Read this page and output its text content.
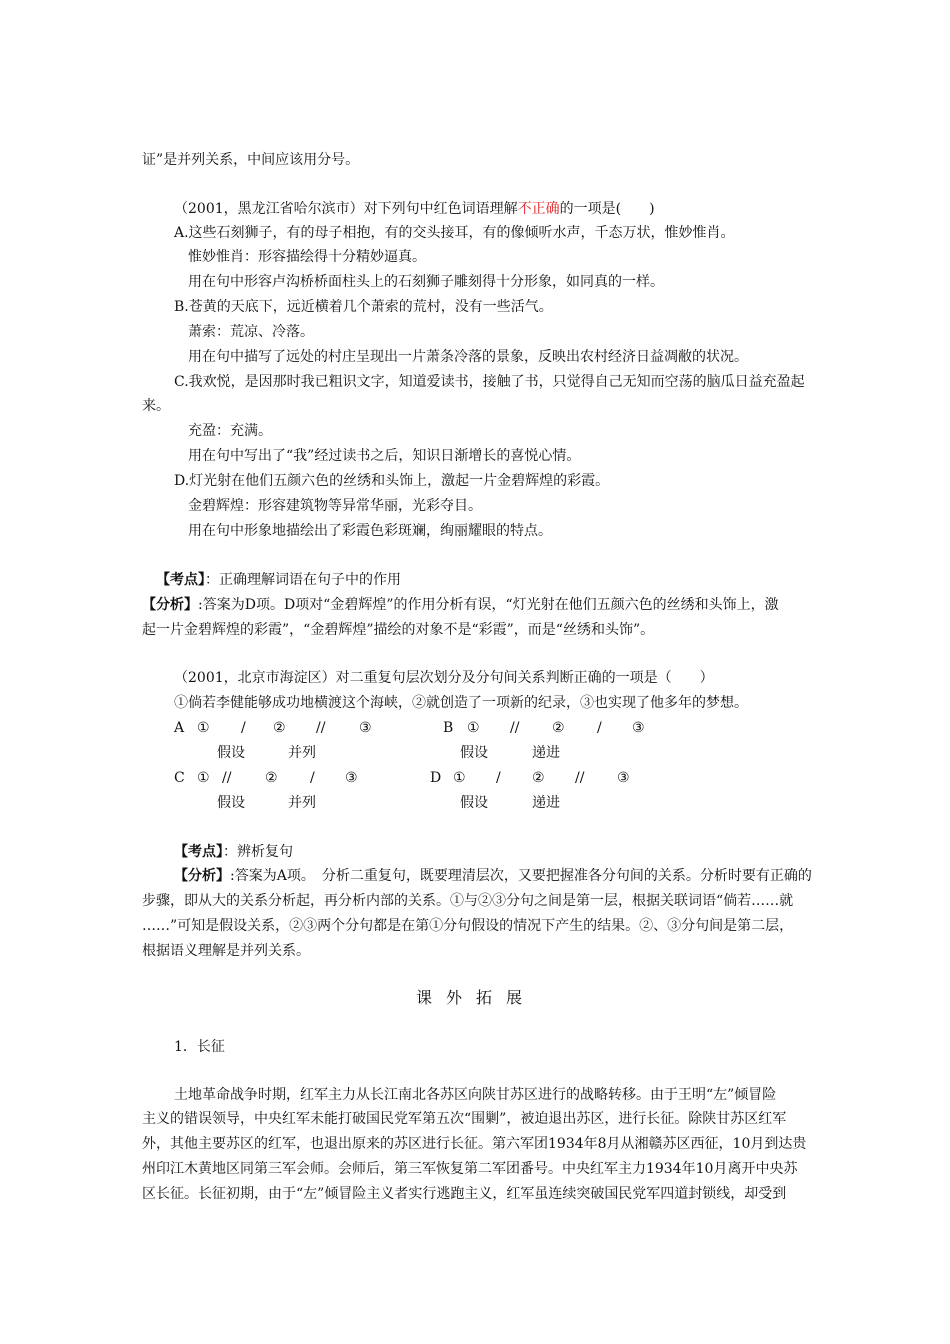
证”是并列关系，中间应该用分号。
（2001，黑龙江省哈尔滨市）对下列句中红色词语理解不正确的一项是(　　)
A.这些石刻狮子，有的母子相抱，有的交头接耳，有的像倾听水声，千态万状，惟妙惟肖。
惟妙惟肖：形容描绘得十分精妙逼真。
用在句中形容卢沟桥桥面柱头上的石刻狮子雕刻得十分形象，如同真的一样。
B.苍黄的天底下，远近横着几个萧索的荒村，没有一些活气。
萧索：荒凉、冷落。
用在句中描写了远处的村庄呈现出一片萧条冷落的景象，反映出农村经济日益凋敝的状况。
C.我欢悦，是因那时我已粗识文字，知道爱读书，接触了书，只觉得自己无知而空荡的脑瓜日益充盈起
来。
充盈：充满。
用在句中写出了“我”经过读书之后，知识日渐增长的喜悦心情。
D.灯光射在他们五颜六色的丝绣和头饰上，激起一片金碧辉煌的彩霞。
金碧辉煌：形容建筑物等异常华丽，光彩夺目。
用在句中形象地描绘出了彩霞色彩斑斓，绚丽耀眼的特点。
【考点】：正确理解词语在句子中的作用
【分析】:答案为D项。D项对“金碧辉煌”的作用分析有误，“灯光射在他们五颜六色的丝绣和头饰上，激
起一片金碧辉煌的彩霞”，“金碧辉煌”描绘的对象不是“彩霞”，而是“丝绣和头饰”。
（2001，北京市海淀区）对二重复句层次划分及分句间关系判断正确的一项是（　　）
①倘若李健能够成功地横渡这个海峡，②就创造了一项新的纪录，③也实现了他多年的梦想。
A ① / ② // ③
假设	并列
B ① // ② / ③
假设	递进
C ① // ② / ③
假设	并列
D ① / ② // ③
假设	递进
【考点】：辨析复句
【分析】:答案为A项。　分析二重复句，既要理清层次，又要把握准各分句间的关系。分析时要有正确的
步骤，即从大的关系分析起，再分析内部的关系。①与②③分句之间是第一层，根据关联词语“倘若……就
……”可知是假设关系，②③两个分句都是在第①分句假设的情况下产生的结果。②、③分句间是第二层，
根据语义理解是并列关系。
课外拓展
1．长征
土地革命战争时期，红军主力从长江南北各苏区向陕甘苏区进行的战略转移。由于王明“左”倾冒险
主义的错误领导，中央红军未能打破国民党军第五次“围剿”，被迫退出苏区，进行长征。除陕甘苏区红军
外，其他主要苏区的红军，也退出原来的苏区进行长征。第六军团1934年8月从湘赣苏区西征，10月到达贵
州印江木黄地区同第三军会师。会师后，第三军恢复第二军团番号。中央红军主力1934年10月离开中央苏
区长征。长征初期，由于“左”倾冒险主义者实行逃跑主义，红军虽连续突破国民党军四道封锁线，却受到
